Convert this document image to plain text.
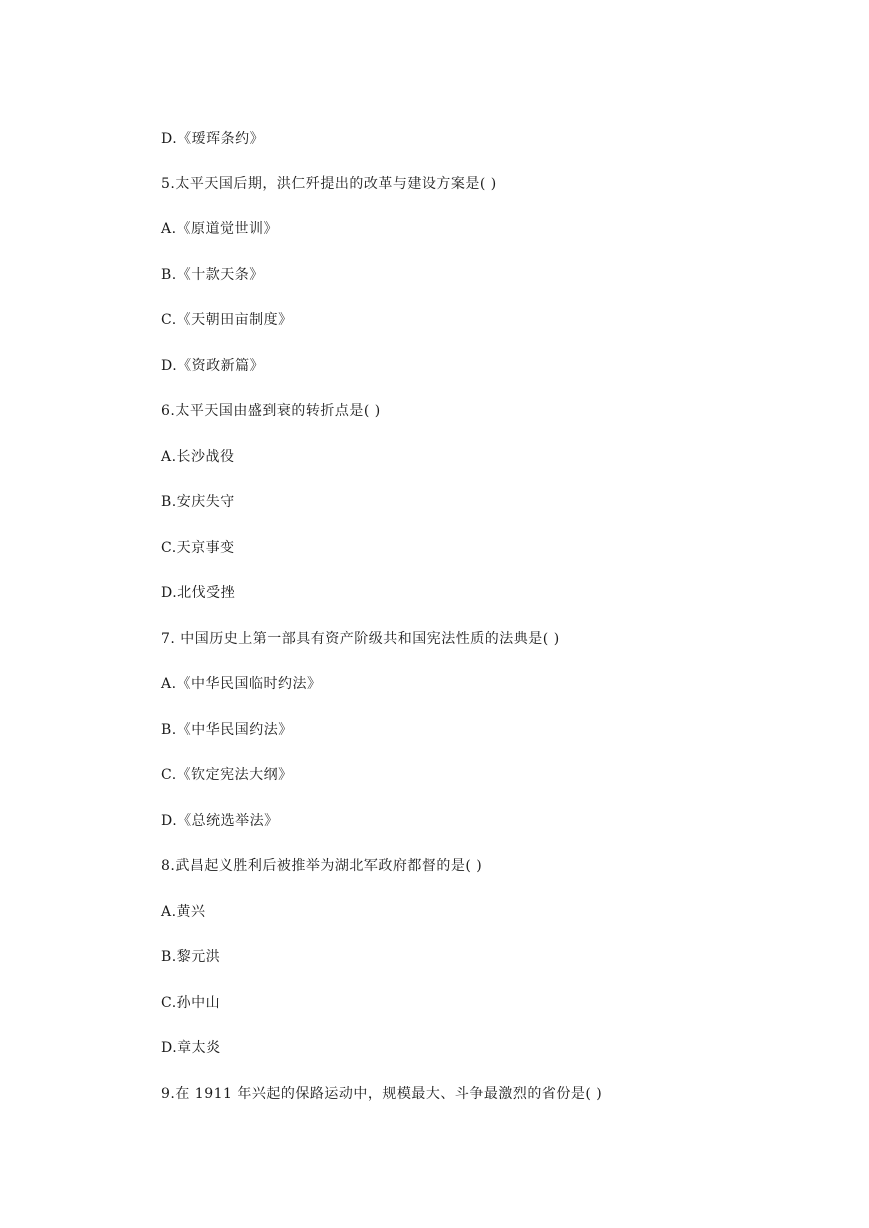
D.《瑷珲条约》
5.太平天国后期，洪仁歼提出的改革与建设方案是( )
A.《原道觉世训》
B.《十款天条》
C.《天朝田亩制度》
D.《资政新篇》
6.太平天国由盛到衰的转折点是( )
A.长沙战役
B.安庆失守
C.天京事变
D.北伐受挫
7. 中国历史上第一部具有资产阶级共和国宪法性质的法典是( )
A.《中华民国临时约法》
B.《中华民国约法》
C.《钦定宪法大纲》
D.《总统选举法》
8.武昌起义胜利后被推举为湖北军政府都督的是( )
A.黄兴
B.黎元洪
C.孙中山
D.章太炎
9.在 1911 年兴起的保路运动中，规模最大、斗争最激烈的省份是( )
